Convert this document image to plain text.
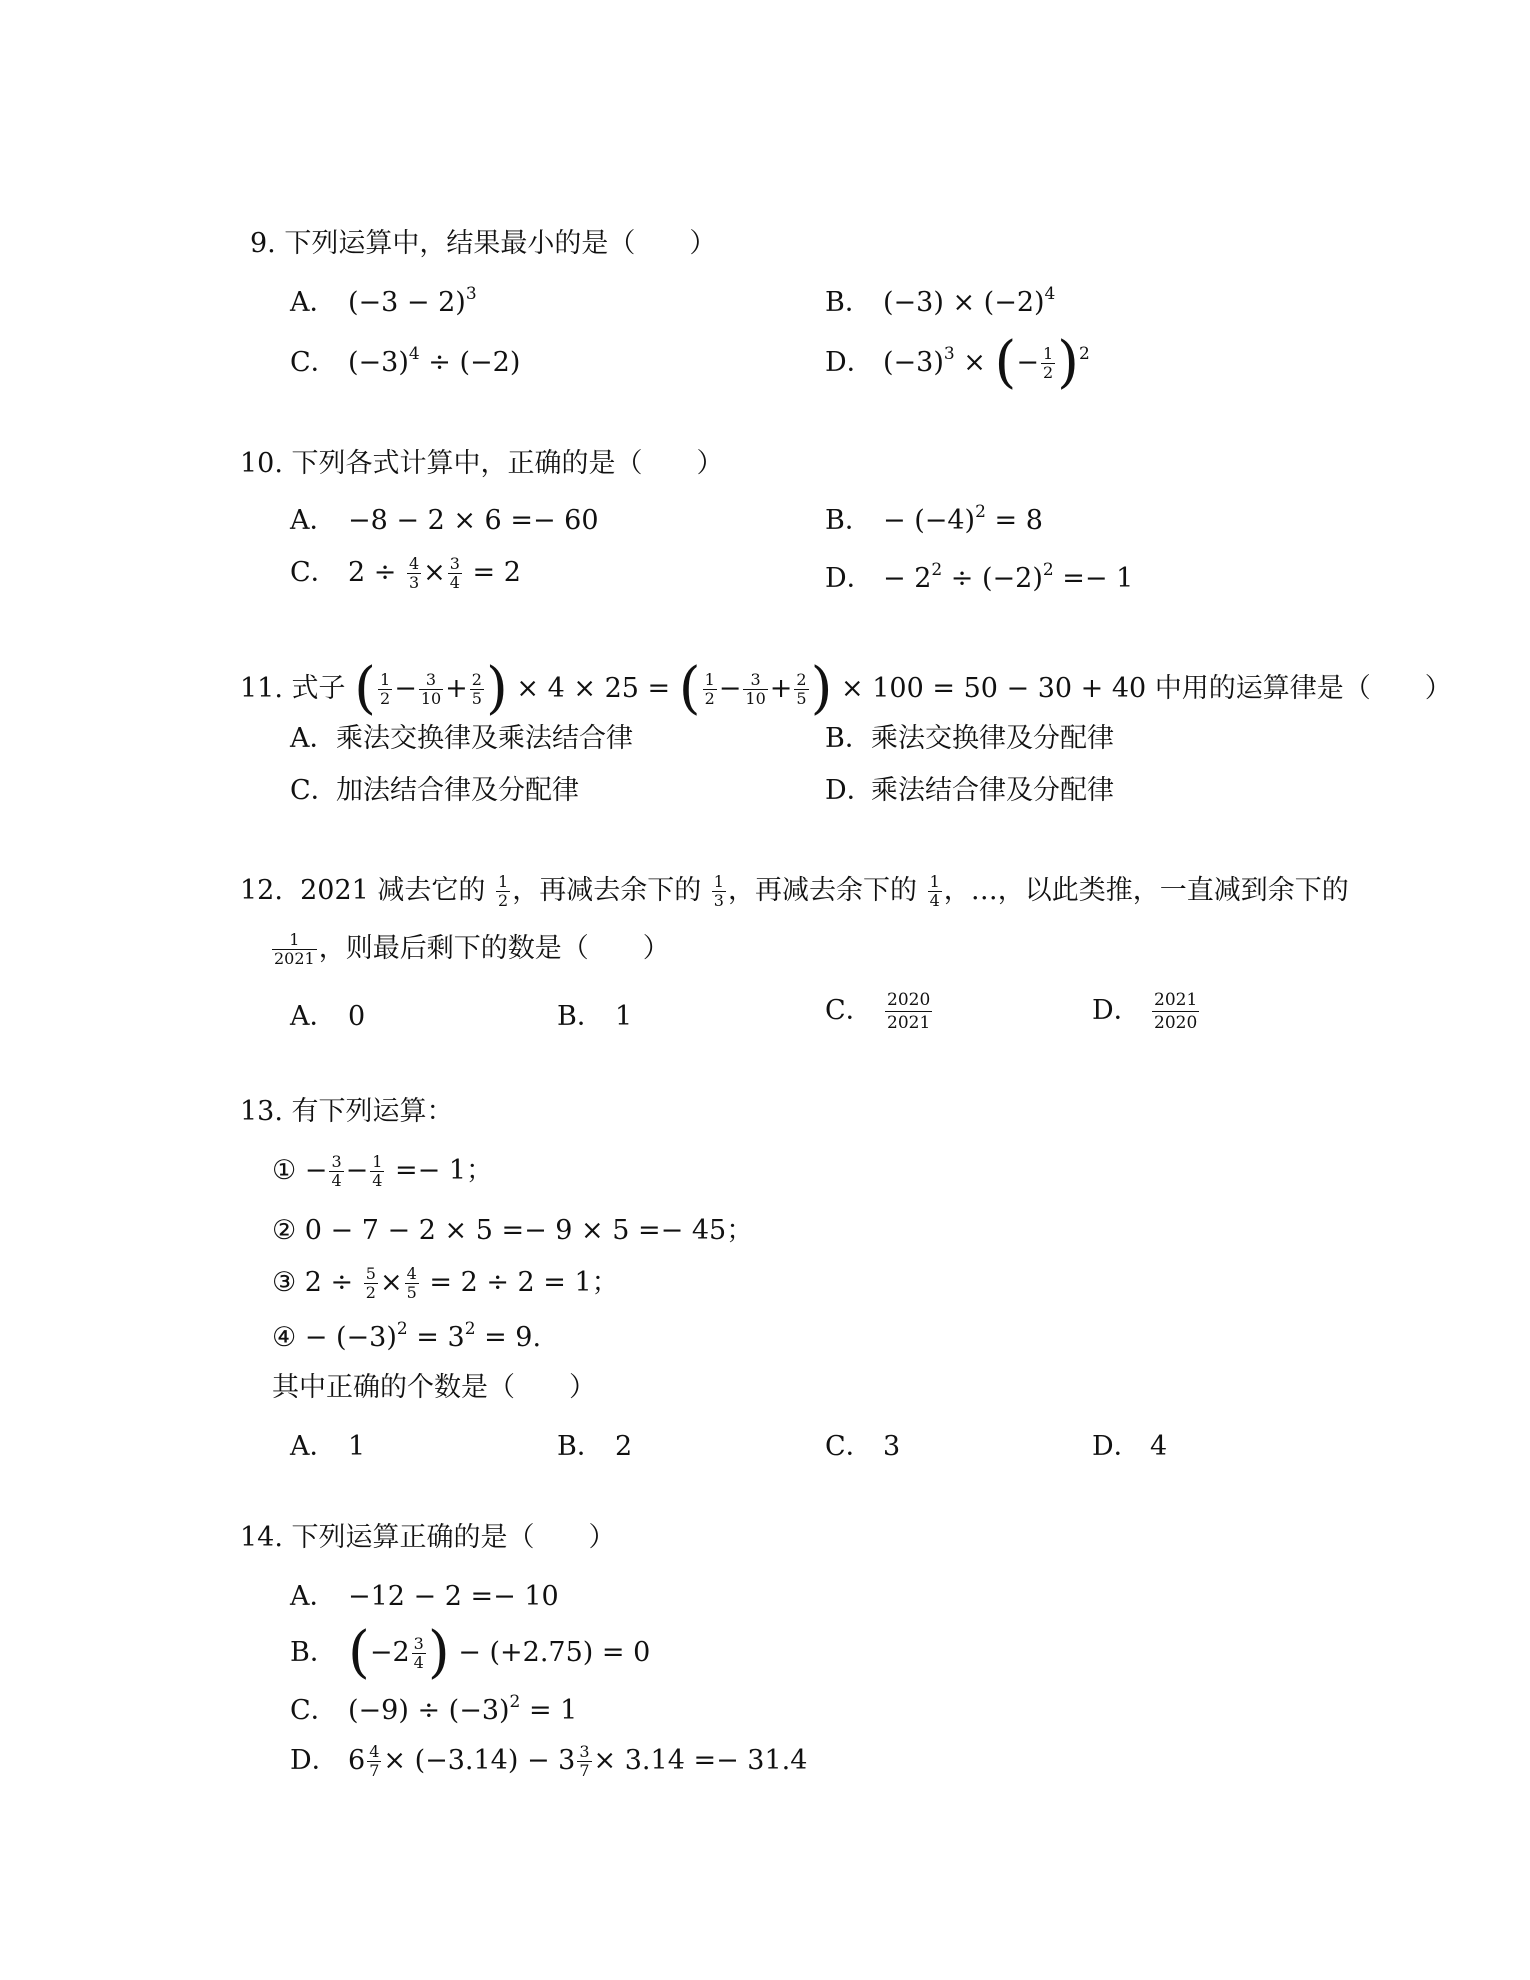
9. 下列运算中，结果最小的是（　　）
A． $(-3 - 2)^3$	B． $(-3) \times (-2)^4$
C． $(-3)^4 \div (-2)$	D． $(-3)^3$ × (− $\frac{1}{2} )^2$
10. 下列各式计算中，正确的是（　　）
A． −8 − 2 × 6 =− 60	B． − $(-4)^2 = 8$
C． $2 \div \frac{4}{3} \times \frac{3}{4} = 2$	D． − $2^2 \div (-2)^2 =- 1$
11. 式子 ( $\frac{1}{2} - \frac{3}{10} + \frac{2}{5}$ ) × 4 × 25 = ( $\frac{1}{2} - \frac{3}{10} + \frac{2}{5}$ ) × 100 = 50 − 30 + 40 中用的运算律是（　　）
A．乘法交换律及乘法结合律	B．乘法交换律及分配律
C．加法结合律及分配律	D．乘法结合律及分配律
12. 2021 减去它的 $\frac{1}{2}$ ，再减去余下的 $\frac{1}{3}$ ，再减去余下的 $\frac{1}{4}$ ，…，以此类推，一直减到余下的
$\frac{1}{2021}$ ，则最后剩下的数是（　　）
A． 0	B． 1	C． $\frac{2020}{2021}$	D． $\frac{2021}{2020}$
13. 有下列运算：
① − $\frac{3}{4} - \frac{1}{4} =- 1$；
② 0 − 7 − 2 × 5 =− 9 × 5 =− 45；
③ $2 \div \frac{5}{2} \times \frac{4}{5} = 2 \div 2 = 1$；
④ − $(-3)^2 = 3^2 = 9$.
其中正确的个数是（　　）
A． 1	B． 2	C． 3	D． 4
14. 下列运算正确的是（　　）
A． −12 − 2 =− 10
B． ($-2 \frac{3}{4}$ ) − (+2.75) = 0
C． $(-9) \div (-3)^2 = 1$
D． $6 \frac{4}{7} \times (-3.14) - 3 \frac{3}{7} \times 3.14 =- 31.4$
